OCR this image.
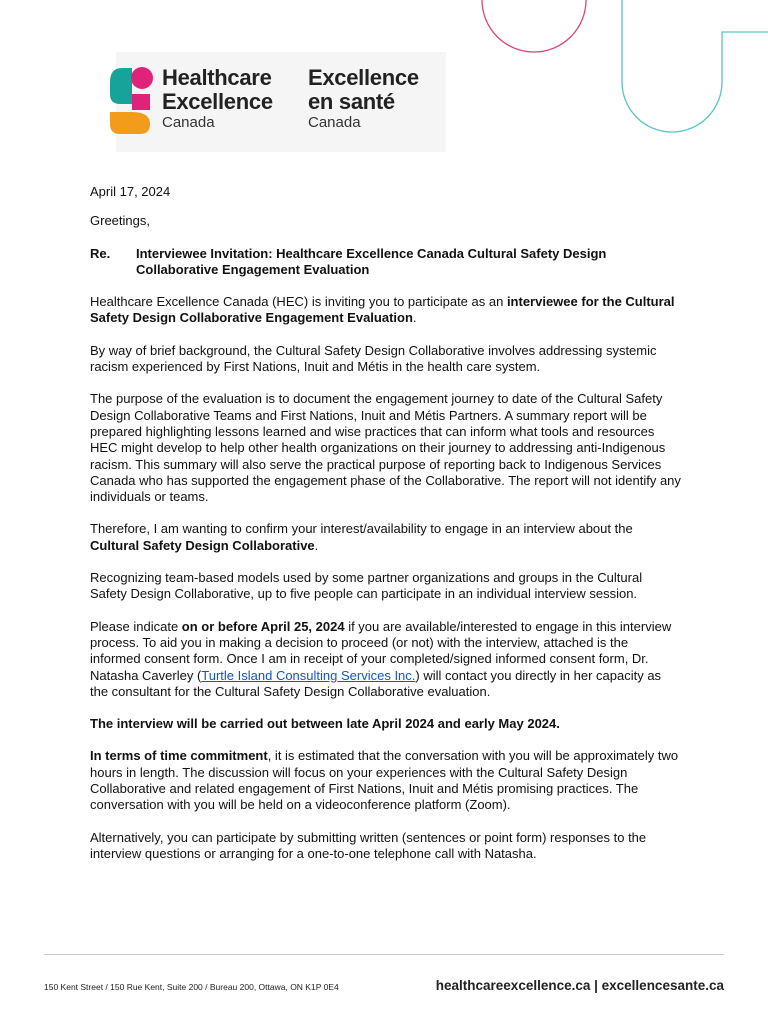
Healthcare
Excellence
Canada
Excellence
en santé
Canada

April 17, 2024

Greetings,

Re.	Interviewee Invitation: Healthcare Excellence Canada Cultural Safety Design Collaborative Engagement Evaluation

Healthcare Excellence Canada (HEC) is inviting you to participate as an interviewee for the Cultural Safety Design Collaborative Engagement Evaluation.

By way of brief background, the Cultural Safety Design Collaborative involves addressing systemic racism experienced by First Nations, Inuit and Métis in the health care system.

The purpose of the evaluation is to document the engagement journey to date of the Cultural Safety Design Collaborative Teams and First Nations, Inuit and Métis Partners. A summary report will be prepared highlighting lessons learned and wise practices that can inform what tools and resources HEC might develop to help other health organizations on their journey to addressing anti-Indigenous racism. This summary will also serve the practical purpose of reporting back to Indigenous Services Canada who has supported the engagement phase of the Collaborative. The report will not identify any individuals or teams.

Therefore, I am wanting to confirm your interest/availability to engage in an interview about the Cultural Safety Design Collaborative.

Recognizing team-based models used by some partner organizations and groups in the Cultural Safety Design Collaborative, up to five people can participate in an individual interview session.

Please indicate on or before April 25, 2024 if you are available/interested to engage in this interview process. To aid you in making a decision to proceed (or not) with the interview, attached is the informed consent form. Once I am in receipt of your completed/signed informed consent form, Dr. Natasha Caverley (Turtle Island Consulting Services Inc.) will contact you directly in her capacity as the consultant for the Cultural Safety Design Collaborative evaluation.

The interview will be carried out between late April 2024 and early May 2024.

In terms of time commitment, it is estimated that the conversation with you will be approximately two hours in length. The discussion will focus on your experiences with the Cultural Safety Design Collaborative and related engagement of First Nations, Inuit and Métis promising practices. The conversation with you will be held on a videoconference platform (Zoom).

Alternatively, you can participate by submitting written (sentences or point form) responses to the interview questions or arranging for a one-to-one telephone call with Natasha.

150 Kent Street / 150 Rue Kent, Suite 200 / Bureau 200, Ottawa, ON K1P 0E4	healthcareexcellence.ca | excellencesante.ca
